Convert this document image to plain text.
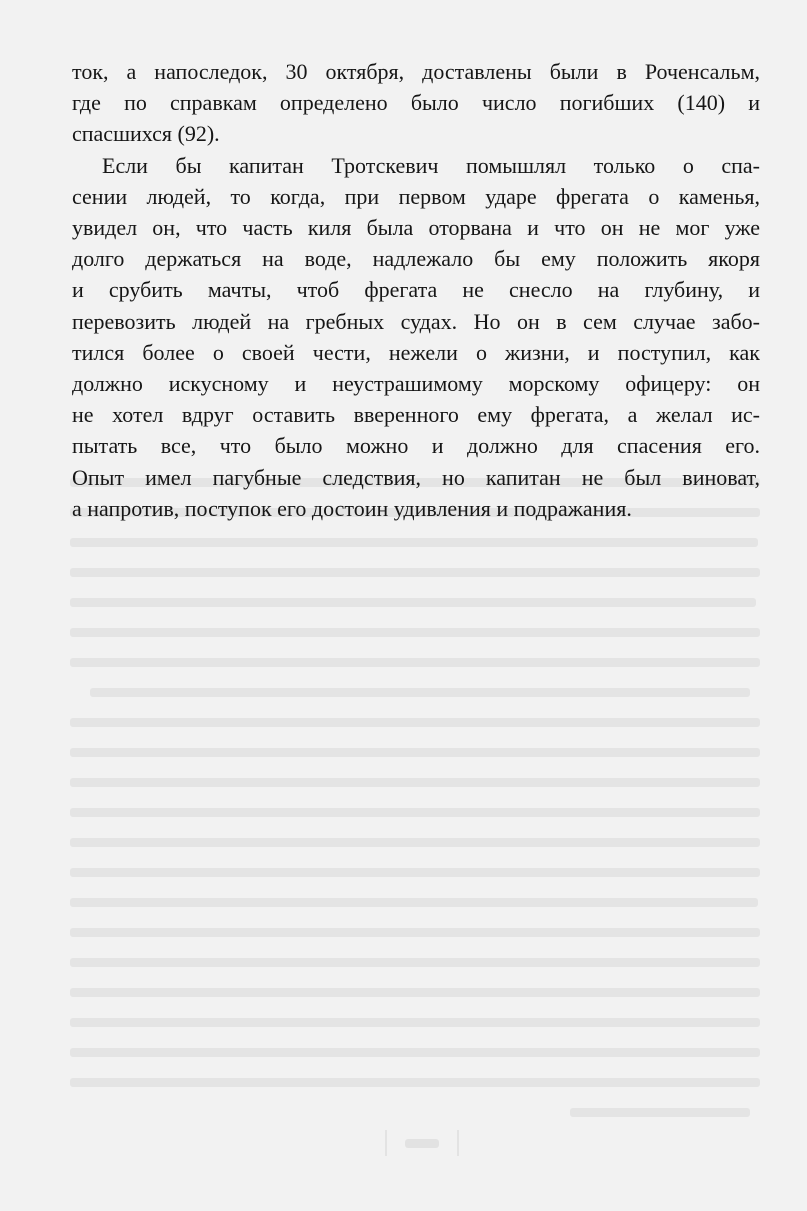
ток, а напоследок, 30 октября, доставлены были в Роченсальм,
где по справкам определено было число погибших (140) и
спасшихся (92).
Если бы капитан Тротскевич помышлял только о спа-
сении людей, то когда, при первом ударе фрегата о каменья,
увидел он, что часть киля была оторвана и что он не мог уже
долго держаться на воде, надлежало бы ему положить якоря
и срубить мачты, чтоб фрегата не снесло на глубину, и
перевозить людей на гребных судах. Но он в сем случае забо-
тился более о своей чести, нежели о жизни, и поступил, как
должно искусному и неустрашимому морскому офицеру: он
не хотел вдруг оставить вверенного ему фрегата, а желал ис-
пытать все, что было можно и должно для спасения его.
Опыт имел пагубные следствия, но капитан не был виноват,
а напротив, поступок его достоин удивления и подражания.
